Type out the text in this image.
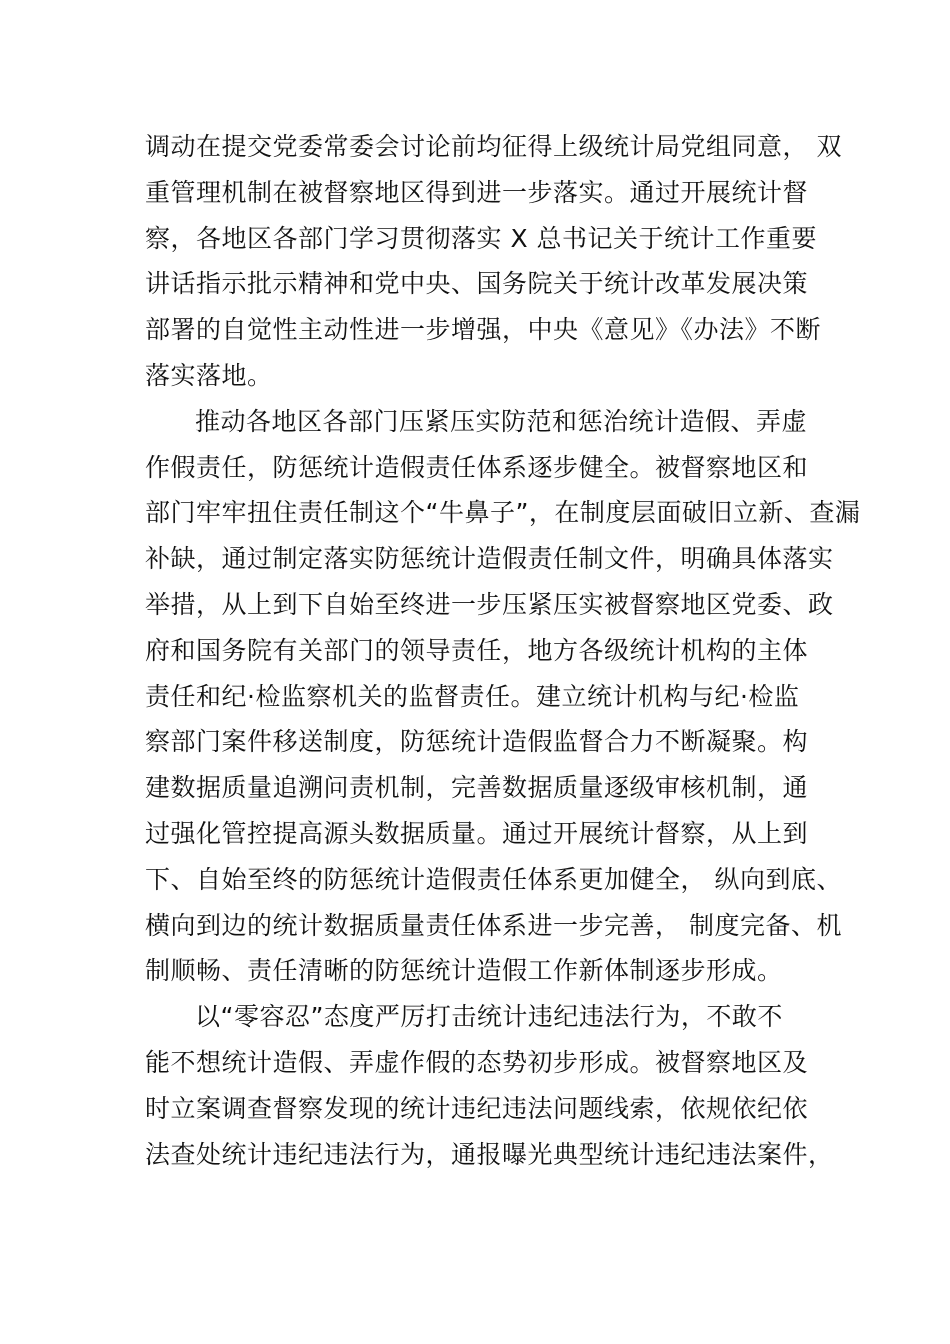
调动在提交党委常委会讨论前均征得上级统计局党组同意， 双
重管理机制在被督察地区得到进一步落实。通过开展统计督
察，各地区各部门学习贯彻落实 X 总书记关于统计工作重要
讲话指示批示精神和党中央、国务院关于统计改革发展决策
部署的自觉性主动性进一步增强，中央《意见》《办法》不断
落实落地。
推动各地区各部门压紧压实防范和惩治统计造假、弄虚
作假责任，防惩统计造假责任体系逐步健全。被督察地区和
部门牢牢扭住责任制这个“牛鼻子”，在制度层面破旧立新、查漏
补缺，通过制定落实防惩统计造假责任制文件，明确具体落实
举措，从上到下自始至终进一步压紧压实被督察地区党委、政
府和国务院有关部门的领导责任，地方各级统计机构的主体
责任和纪·检监察机关的监督责任。建立统计机构与纪·检监
察部门案件移送制度，防惩统计造假监督合力不断凝聚。构
建数据质量追溯问责机制，完善数据质量逐级审核机制，通
过强化管控提高源头数据质量。通过开展统计督察，从上到
下、自始至终的防惩统计造假责任体系更加健全， 纵向到底、
横向到边的统计数据质量责任体系进一步完善， 制度完备、机
制顺畅、责任清晰的防惩统计造假工作新体制逐步形成。
以“零容忍”态度严厉打击统计违纪违法行为，不敢不
能不想统计造假、弄虚作假的态势初步形成。被督察地区及
时立案调查督察发现的统计违纪违法问题线索，依规依纪依
法查处统计违纪违法行为，通报曝光典型统计违纪违法案件，
